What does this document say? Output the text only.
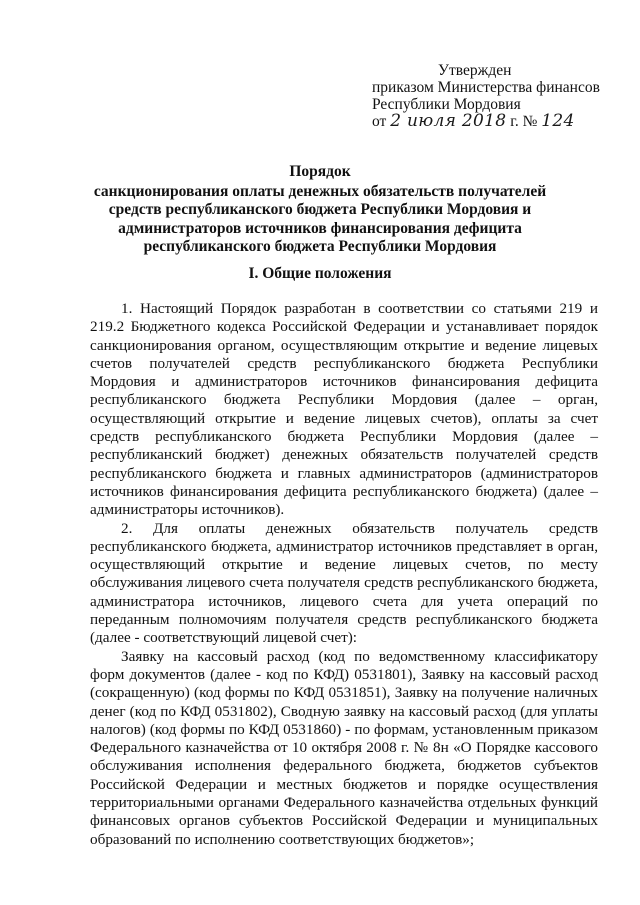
Утвержден
приказом Министерства финансов
Республики Мордовия
от 2 июля 2018 г. № 124
Порядок
санкционирования оплаты денежных обязательств получателей
средств республиканского бюджета Республики Мордовия и
администраторов источников финансирования дефицита
республиканского бюджета Республики Мордовия
I. Общие положения

1. Настоящий Порядок разработан в соответствии со статьями 219 и 219.2 Бюджетного кодекса Российской Федерации и устанавливает порядок санкционирования органом, осуществляющим открытие и ведение лицевых счетов получателей средств республиканского бюджета Республики Мордовия и администраторов источников финансирования дефицита республиканского бюджета Республики Мордовия (далее – орган, осуществляющий открытие и ведение лицевых счетов), оплаты за счет средств республиканского бюджета Республики Мордовия (далее – республиканский бюджет) денежных обязательств получателей средств республиканского бюджета и главных администраторов (администраторов источников финансирования дефицита республиканского бюджета) (далее – администраторы источников).

2. Для оплаты денежных обязательств получатель средств республиканского бюджета, администратор источников представляет в орган, осуществляющий открытие и ведение лицевых счетов, по месту обслуживания лицевого счета получателя средств республиканского бюджета, администратора источников, лицевого счета для учета операций по переданным полномочиям получателя средств республиканского бюджета (далее - соответствующий лицевой счет):

Заявку на кассовый расход (код по ведомственному классификатору форм документов (далее - код по КФД) 0531801), Заявку на кассовый расход (сокращенную) (код формы по КФД 0531851), Заявку на получение наличных денег (код по КФД 0531802), Сводную заявку на кассовый расход (для уплаты налогов) (код формы по КФД 0531860) - по формам, установленным приказом Федерального казначейства от 10 октября 2008 г. № 8н «О Порядке кассового обслуживания исполнения федерального бюджета, бюджетов субъектов Российской Федерации и местных бюджетов и порядке осуществления территориальными органами Федерального казначейства отдельных функций финансовых органов субъектов Российской Федерации и муниципальных образований по исполнению соответствующих бюджетов»;
